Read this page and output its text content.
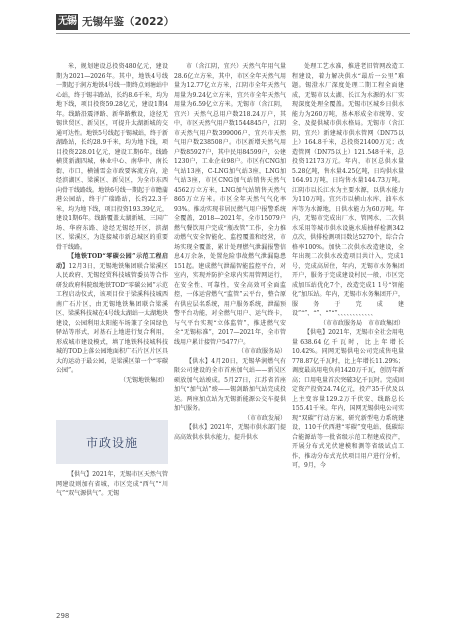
无锡 无锡年鉴（2022）

米，规划建设总投资480亿元，建设期为2021—2026年。其中，地铁4号线一期起于润方地铁4号线一期终点刘塘站中心站，终于锡丰路站，长约8.6千米，均为地下线，项目投资59.28亿元，建设1期4年。线路沿震泽路、新华路敷设，途径无锡世贸区、新吴区，可提升太湖新城的交通可达性。地铁5号线起于锡城站，终于新湖路站，长约28.9千米，均为地下线，项目投资228.01亿元，建设工期6年。线路横贯新湖四城，林业中心、南华中、南长街、市口，横铺雪金市政要客流方向，途经滨湖区、梁溪区、新吴区，为全市东西向骨干线路线。地铁6号线一期起于市瞻蒲港公园站，终于广瑞路站，长约22.3千米，均为地下线，项目投资193.39亿元，建设1期6年。线路覆盖太湖新城、三国广场、华府东路、途经无锡经开区，滨湖区、梁溪区，为连接城市新总城区的重要骨干线路。

【地铁TOD“零碳公园”示范工程启动】12月3日，无锡地铁集团联合梁溪区人民政府、无锡经贸科技城管委员等合作研发政府科院级地铁TOD“零碳公园”示范工程启动仪式，该项目位于梁溪科技城西南广石片区，由无锡地铁集团联合梁溪区、梁溪科技城在4号线太湖站一太湖地块建设，公园利用太阳能车场兼了全国绿色驿站等形式，对基石上地进行复合利用，形成城市建设模式，填了地铁科技城科技城的TOD上落公园地面积广石片区片区具大的运动于最公园，是梁溪区第一个“零碳公园”。

（无锡地铁集团）
市政设施

【供气】2021年，无锡市区天然气管网建设则加有省城，市区完成“西气”“川气”“双气源供气”。无锡

市（含江阴，宜兴）天然气年用气量28.6亿立方米，其中，市区全年天然气用量为12.77亿立方米，江阴市全年天然气用量为9.24亿立方米，宜兴市全年天然气用量为6.59亿立方米。无锡市（含江阴，宜兴）天然气总用户数218.24万户，其中，市区天然气用户数1544845户，江阴市天然气用户数399006户，宜兴市天然气用户数238508户。市区新增天然气用户数85927户，其中民用84599户，公建1230户，工业企业98户。市区有CNG加气站13座，C-LNG加气站3座，LNG加气站3座，市区CNG加气站销售天然气4562万立方米，LNG加气站销售天然气865万立方米。市区全年天然气气化率93%。推动实现非居民燃气用户报警系统全覆盖，2018—2021年，全市15079户燃气餐饮用户完成“瓶改管”工作，全力推动燃气安全智能化、监控覆盖和经营，市场实现全覆盖，累计处理燃气泄漏报警信息4万余条，处置危险事故燃气泄漏隐患151起。建成燃气泄漏智能监控平台，对室内，实现并防护全球内实用管网运行，在安全性、可靠性，安全高效可全面监控，一体运营燃气“监管”云平台，整合原有供应层名系统，用户服务系统，泄漏预警平台功能，对全燃气用户、运气终卡，与气平台实现“立体监管”，推进燃气安全“无锡标准”，2017—2021年，全市管线用户累计接管户5477户。

（市市政服务局）

【供水】4月20日，无锡华润燃气有限公司建设的全市首座加气站——新吴区硕放加气站竣成。5月27日，江苏省首座加气“加气站”竣——锡剑路加气站完成投运。两座加点站为无锡新能源公交车提供加气服务。

（市市政发展）

【供水】2021年，无锡市供水部门提高高效供水供水能力，提升供水

处理工艺水准，推进老旧管网改造工程建设，着力解决供水“最后一公里”难题。锡澄水厂深度处理二期工程全面建成，无锡市以太湖、长江为水源的水厂实现深度处理全覆盖。无锡市区城乡日供水能力为260万吨，基本形成全市统筹、安全、及提供城市供水格局。无锡市（含江阴，宜兴）新建城市供水管网（DN75以上）164.8千米，总投资21400万元；改造管网（DN75以上）121.548千米，总投资12173万元。年内，市区总供水量5.28亿吨，售水量4.25亿吨，日均供水量164.91万吨，日均售水量144.73万吨。江阴市以长江水为主要水源，以供水能力为110万吨。宜兴市以横山水库、油车水库等为水源地，日供水能力为60万吨。年内，无锡市完成出厂水、管网水、二次供水采用等城市供水设施水质抽样检测342点次，供排检测项目数达5270个，综合合格率100%。加快二次供水改造建设，全年出现二次供水改造项目共计入，完成1号，完成高居住，年内，无锡市水务集团开户，服务于完成建设村民一般，市区完成加压站优化7个，改造完成1 1号“智能化”加压站。年内，无锡市水务集团开户，服务于完成建设”“”、“”、“”“”、、、、、、、、、、、、

（市市政服务局　市市政集团）

【供电】2021年，无锡市全社会用电量638.64亿千瓦时，比上年增长10.42%。同网无锡供电公司完成售电量778.87亿千瓦时，比上年增长11.29%；调度最高用电负荷1420万千瓦，创历年新高；口用电量首次突破3亿千瓦时。完成固定资产投资24.74亿元，投产35千伏及以上主变容量129.2万千伏安、线路总长155.41千米。年内，国网无锡供电公司实现“双碳”行动方案，研究新型电力系统建设，110千伏西港“零碳”变电站、低碳综合能源站等一批省级示范工程建成投产，开展分布式光伏建模和测等省级试点工作，推动分布式光伏项目用户进行分析，可，9月，今

298
